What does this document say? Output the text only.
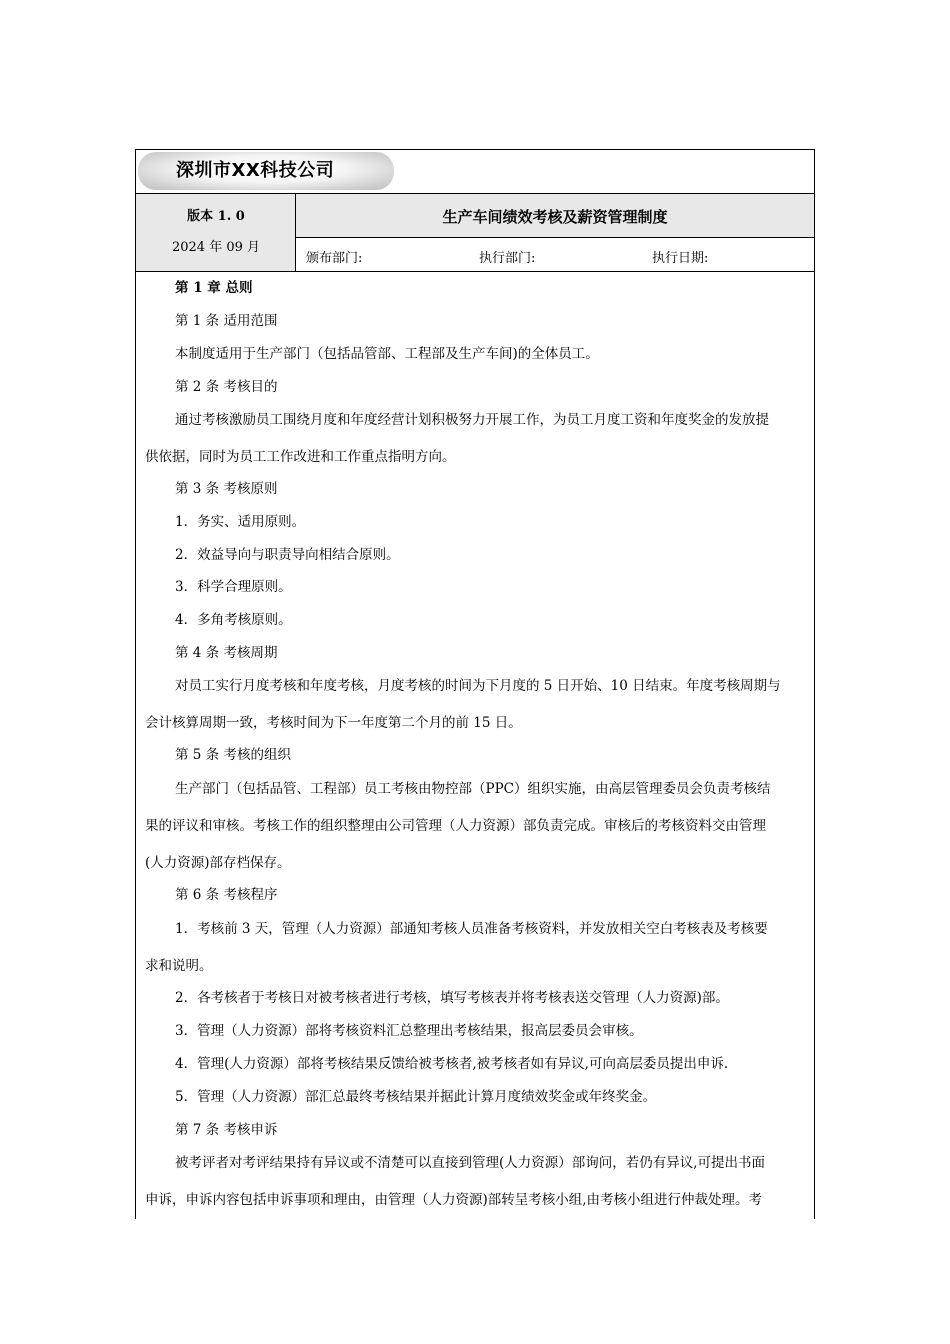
深圳市XX科技公司
版本 1. 0
2024 年 09 月
生产车间绩效考核及薪资管理制度
颁布部门:	执行部门:	执行日期:
第 1 章 总则
第 1 条 适用范围
本制度适用于生产部门（包括品管部、工程部及生产车间)的全体员工。
第 2 条 考核目的
通过考核激励员工围绕月度和年度经营计划积极努力开展工作，为员工月度工资和年度奖金的发放提
供依据，同时为员工工作改进和工作重点指明方向。
第 3 条 考核原则
1．务实、适用原则。
2．效益导向与职责导向相结合原则。
3．科学合理原则。
4．多角考核原则。
第 4 条 考核周期
对员工实行月度考核和年度考核，月度考核的时间为下月度的 5 日开始、10 日结束。年度考核周期与
会计核算周期一致，考核时间为下一年度第二个月的前 15 日。
第 5 条 考核的组织
生产部门（包括品管、工程部）员工考核由物控部（PPC）组织实施，由高层管理委员会负责考核结
果的评议和审核。考核工作的组织整理由公司管理（人力资源）部负责完成。审核后的考核资料交由管理
(人力资源)部存档保存。
第 6 条 考核程序
1．考核前 3 天，管理（人力资源）部通知考核人员准备考核资料，并发放相关空白考核表及考核要
求和说明。
2．各考核者于考核日对被考核者进行考核，填写考核表并将考核表送交管理（人力资源)部。
3．管理（人力资源）部将考核资料汇总整理出考核结果，报高层委员会审核。
4．管理(人力资源）部将考核结果反馈给被考核者,被考核者如有异议,可向高层委员提出申诉.
5．管理（人力资源）部汇总最终考核结果并据此计算月度绩效奖金或年终奖金。
第 7 条 考核申诉
被考评者对考评结果持有异议或不清楚可以直接到管理(人力资源）部询问，若仍有异议,可提出书面
申诉，申诉内容包括申诉事项和理由，由管理（人力资源)部转呈考核小组,由考核小组进行仲裁处理。考
